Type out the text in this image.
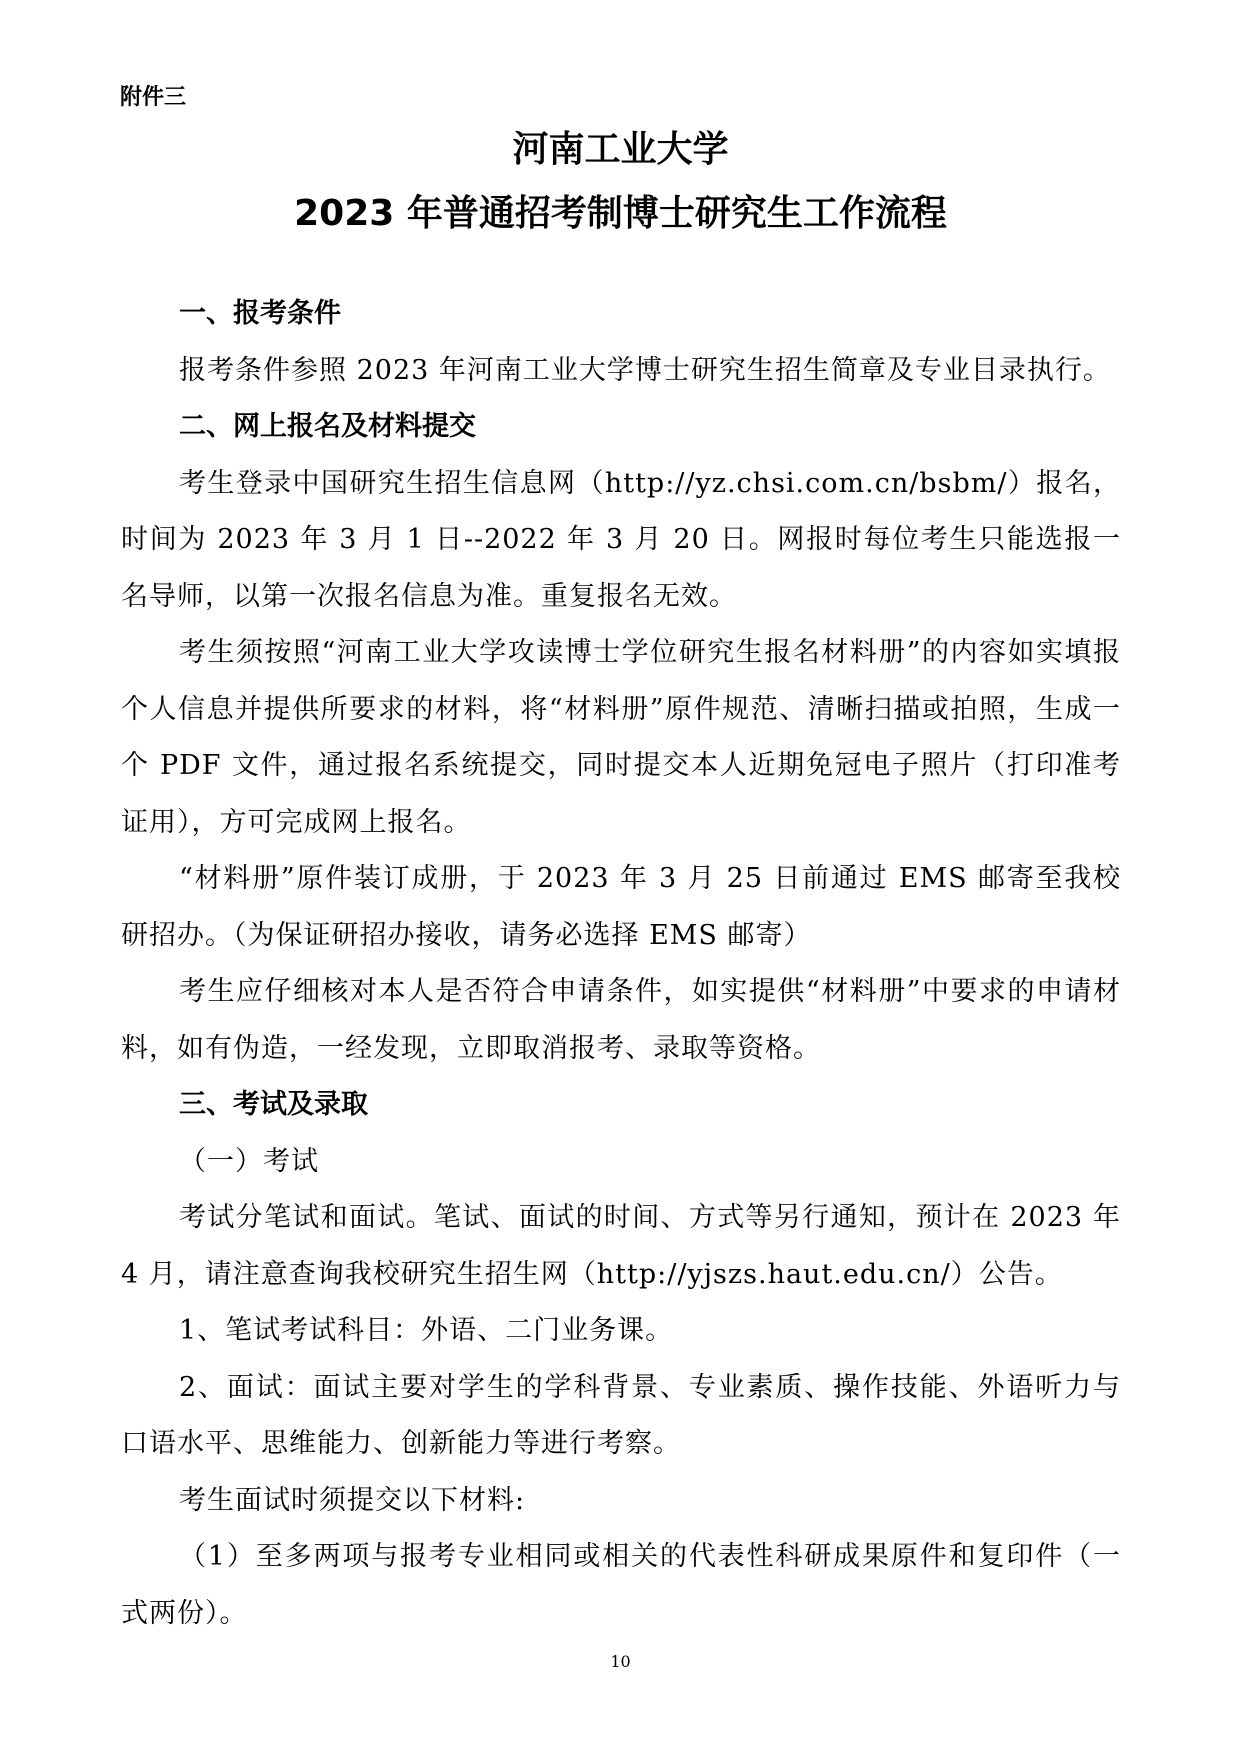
附件三
河南工业大学
2023 年普通招考制博士研究生工作流程

一、报考条件

报考条件参照 2023 年河南工业大学博士研究生招生简章及专业目录执行。

二、网上报名及材料提交

考生登录中国研究生招生信息网（http://yz.chsi.com.cn/bsbm/）报名，时间为 2023 年 3 月 1 日--2022 年 3 月 20 日。网报时每位考生只能选报一名导师，以第一次报名信息为准。重复报名无效。

考生须按照“河南工业大学攻读博士学位研究生报名材料册”的内容如实填报个人信息并提供所要求的材料，将“材料册”原件规范、清晰扫描或拍照，生成一个 PDF 文件，通过报名系统提交，同时提交本人近期免冠电子照片（打印准考证用），方可完成网上报名。

“材料册”原件装订成册，于 2023 年 3 月 25 日前通过 EMS 邮寄至我校研招办。（为保证研招办接收，请务必选择 EMS 邮寄）

考生应仔细核对本人是否符合申请条件，如实提供“材料册”中要求的申请材料，如有伪造，一经发现，立即取消报考、录取等资格。

三、考试及录取

（一）考试

考试分笔试和面试。笔试、面试的时间、方式等另行通知，预计在 2023 年 4 月，请注意查询我校研究生招生网（http://yjszs.haut.edu.cn/）公告。

1、笔试考试科目：外语、二门业务课。

2、面试：面试主要对学生的学科背景、专业素质、操作技能、外语听力与口语水平、思维能力、创新能力等进行考察。

考生面试时须提交以下材料:

（1）至多两项与报考专业相同或相关的代表性科研成果原件和复印件（一式两份）。

10
